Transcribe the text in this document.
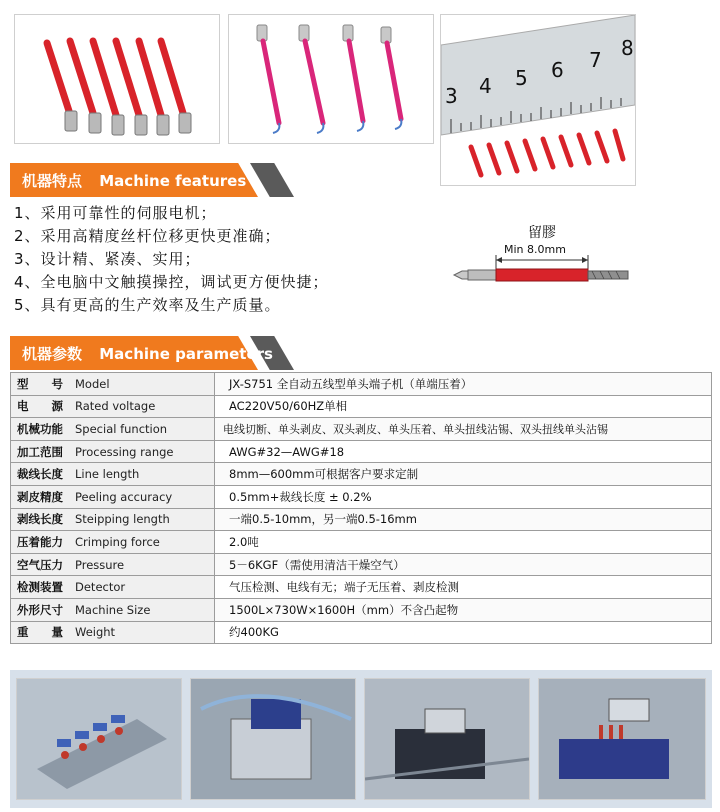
3 4 5 6 7 8
机器特点 Machine features
1、采用可靠性的伺服电机；
2、采用高精度丝杆位移更快更准确；
3、设计精、紧凑、实用；
4、全电脑中文触摸操控，调试更方便快捷；
5、具有更高的生产效率及生产质量。
留膠
Min 8.0mm
机器参数 Machine parameters
型　　号 Model	JX-S751 全自动五线型单头端子机（单端压着）
电　　源 Rated voltage	AC220V50/60HZ单相
机械功能 Special function	电线切断、单头剥皮、双头剥皮、单头压着、单头扭线沾锡、双头扭线单头沾锡
加工范围 Processing range	AWG#32—AWG#18
裁线长度 Line length	8mm—600mm可根据客户要求定制
剥皮精度 Peeling accuracy	0.5mm+裁线长度 ± 0.2%
剥线长度 Steipping length	一端0.5-10mm，另一端0.5-16mm
压着能力 Crimping force	2.0吨
空气压力 Pressure	5－6KGF（需使用清洁干燥空气）
检测装置 Detector	气压检测、电线有无；端子无压着、剥皮检测
外形尺寸 Machine Size	1500L×730W×1600H（mm）不含凸起物
重　　量 Weight	约400KG
